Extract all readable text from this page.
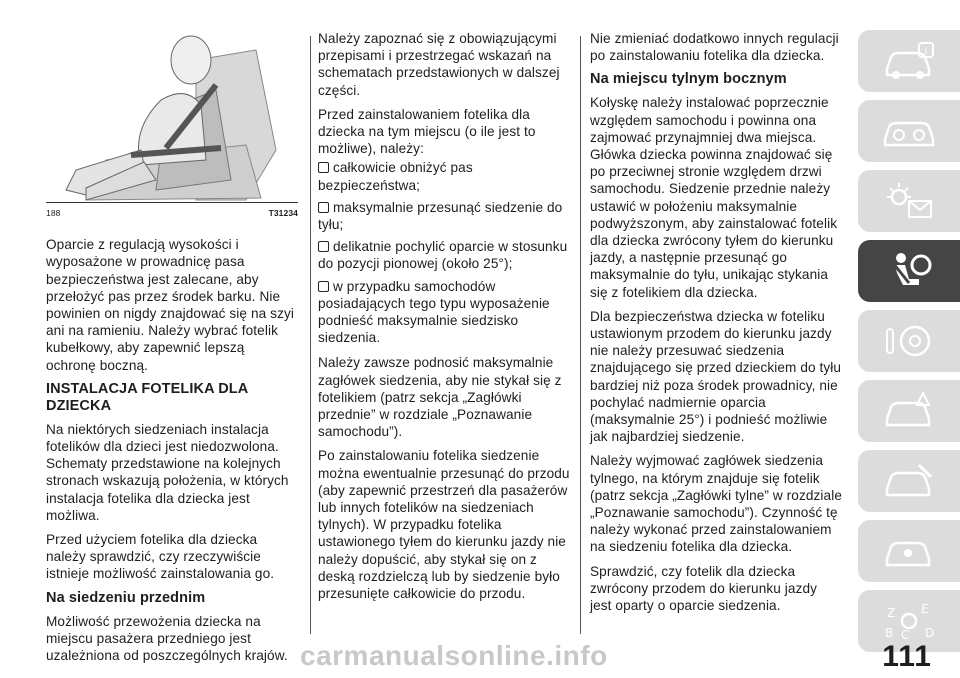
188	T31234

Oparcie z regulacją wysokości i wyposażone w prowadnicę pasa bezpieczeństwa jest zalecane, aby przełożyć pas przez środek barku. Nie powinien on nigdy znajdować się na szyi ani na ramieniu. Należy wybrać fotelik kubełkowy, aby zapewnić lepszą ochronę boczną.

INSTALACJA FOTELIKA DLA DZIECKA

Na niektórych siedzeniach instalacja fotelików dla dzieci jest niedozwolona. Schematy przedstawione na kolejnych stronach wskazują położenia, w których instalacja fotelika dla dziecka jest możliwa.

Przed użyciem fotelika dla dziecka należy sprawdzić, czy rzeczywiście istnieje możliwość zainstalowania go.

Na siedzeniu przednim

Możliwość przewożenia dziecka na miejscu pasażera przedniego jest uzależniona od poszczególnych krajów.

Należy zapoznać się z obowiązującymi przepisami i przestrzegać wskazań na schematach przedstawionych w dalszej części.

Przed zainstalowaniem fotelika dla dziecka na tym miejscu (o ile jest to możliwe), należy:

całkowicie obniżyć pas bezpieczeństwa;
maksymalnie przesunąć siedzenie do tyłu;
delikatnie pochylić oparcie w stosunku do pozycji pionowej (około 25°);
w przypadku samochodów posiadających tego typu wyposażenie podnieść maksymalnie siedzisko siedzenia.

Należy zawsze podnosić maksymalnie zagłówek siedzenia, aby nie stykał się z fotelikiem (patrz sekcja „Zagłówki przednie” w rozdziale „Poznawanie samochodu”).

Po zainstalowaniu fotelika siedzenie można ewentualnie przesunąć do przodu (aby zapewnić przestrzeń dla pasażerów lub innych fotelików na siedzeniach tylnych). W przypadku fotelika ustawionego tyłem do kierunku jazdy nie należy dopuścić, aby stykał się on z deską rozdzielczą lub by siedzenie było przesunięte całkowicie do przodu.

Nie zmieniać dodatkowo innych regulacji po zainstalowaniu fotelika dla dziecka.

Na miejscu tylnym bocznym

Kołyskę należy instalować poprzecznie względem samochodu i powinna ona zajmować przynajmniej dwa miejsca. Główka dziecka powinna znajdować się po przeciwnej stronie względem drzwi samochodu. Siedzenie przednie należy ustawić w położeniu maksymalnie podwyższonym, aby zainstalować fotelik dla dziecka zwrócony tyłem do kierunku jazdy, a następnie przesunąć go maksymalnie do tyłu, unikając stykania się z fotelikiem dla dziecka.

Dla bezpieczeństwa dziecka w foteliku ustawionym przodem do kierunku jazdy nie należy przesuwać siedzenia znajdującego się przed dzieckiem do tyłu bardziej niż poza środek prowadnicy, nie pochylać nadmiernie oparcia (maksymalnie 25°) i podnieść możliwie jak najbardziej siedzenie.

Należy wyjmować zagłówek siedzenia tylnego, na którym znajduje się fotelik (patrz sekcja „Zagłówki tylne” w rozdziale „Poznawanie samochodu”). Czynność tę należy wykonać przed zainstalowaniem na siedzeniu fotelika dla dziecka.

Sprawdzić, czy fotelik dla dziecka zwrócony przodem do kierunku jazdy jest oparty o oparcie siedzenia.

i
Z E
B C D
carmanualsonline.info	111
